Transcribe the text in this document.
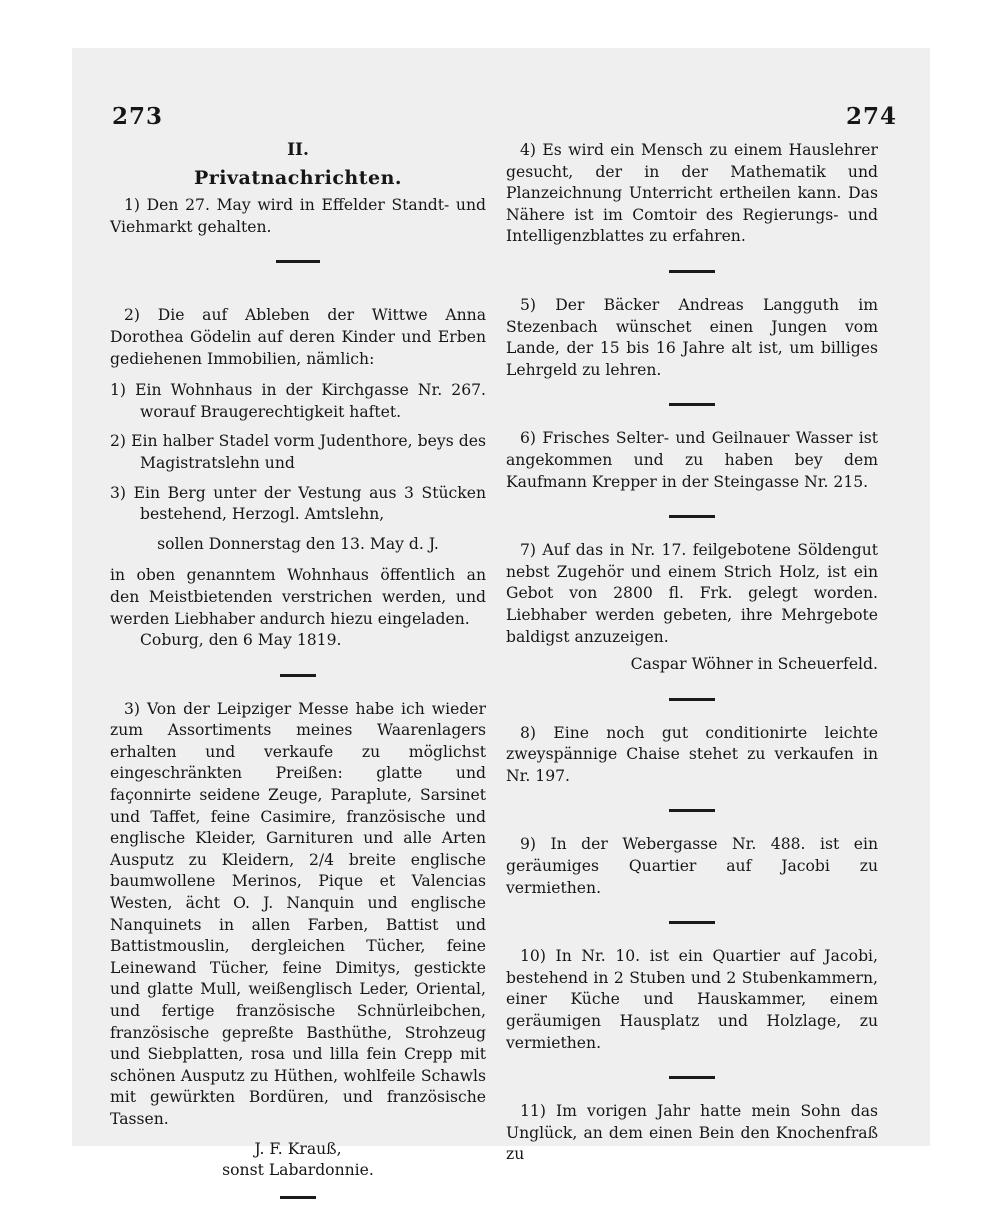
273	274
II.
Privatnachrichten.

1) Den 27. May wird in Effelder Standt- und Viehmarkt gehalten.

2) Die auf Ableben der Wittwe Anna Dorothea Gödelin auf deren Kinder und Erben gediehenen Immobilien, nämlich:

1) Ein Wohnhaus in der Kirchgasse Nr. 267. worauf Braugerechtigkeit haftet.

2) Ein halber Stadel vorm Judenthore, beys des Magistratslehn und

3) Ein Berg unter der Vestung aus 3 Stücken bestehend, Herzogl. Amtslehn,

sollen Donnerstag den 13. May d. J.

in oben genanntem Wohnhaus öffentlich an den Meistbietenden verstrichen werden, und werden Liebhaber andurch hiezu eingeladen.

Coburg, den 6 May 1819.

3) Von der Leipziger Messe habe ich wieder zum Assortiments meines Waarenlagers erhalten und verkaufe zu möglichst eingeschränkten Preißen: glatte und façonnirte seidene Zeuge, Paraplute, Sarsinet und Taffet, feine Casimire, französische und englische Kleider, Garnituren und alle Arten Ausputz zu Kleidern, 2/4 breite englische baumwollene Merinos, Pique et Valencias Westen, ächt O. J. Nanquin und englische Nanquinets in allen Farben, Battist und Battistmouslin, dergleichen Tücher, feine Leinewand Tücher, feine Dimitys, gestickte und glatte Mull, weißenglisch Leder, Oriental, und fertige französische Schnürleibchen, französische gepreßte Basthüthe, Strohzeug und Siebplatten, rosa und lilla fein Crepp mit schönen Ausputz zu Hüthen, wohlfeile Schawls mit gewürkten Bordüren, und französische Tassen.

J. F. Krauß,
sonst Labardonnie.

4) Es wird ein Mensch zu einem Hauslehrer gesucht, der in der Mathematik und Planzeichnung Unterricht ertheilen kann. Das Nähere ist im Comtoir des Regierungs- und Intelligenzblattes zu erfahren.

5) Der Bäcker Andreas Langguth im Stezenbach wünschet einen Jungen vom Lande, der 15 bis 16 Jahre alt ist, um billiges Lehrgeld zu lehren.

6) Frisches Selter- und Geilnauer Wasser ist angekommen und zu haben bey dem Kaufmann Krepper in der Steingasse Nr. 215.

7) Auf das in Nr. 17. feilgebotene Söldengut nebst Zugehör und einem Strich Holz, ist ein Gebot von 2800 fl. Frk. gelegt worden. Liebhaber werden gebeten, ihre Mehrgebote baldigst anzuzeigen.

Caspar Wöhner in Scheuerfeld.

8) Eine noch gut conditionirte leichte zweyspännige Chaise stehet zu verkaufen in Nr. 197.

9) In der Webergasse Nr. 488. ist ein geräumiges Quartier auf Jacobi zu vermiethen.

10) In Nr. 10. ist ein Quartier auf Jacobi, bestehend in 2 Stuben und 2 Stubenkammern, einer Küche und Hauskammer, einem geräumigen Hausplatz und Holzlage, zu vermiethen.

11) Im vorigen Jahr hatte mein Sohn das Unglück, an dem einen Bein den Knochenfraß zu
